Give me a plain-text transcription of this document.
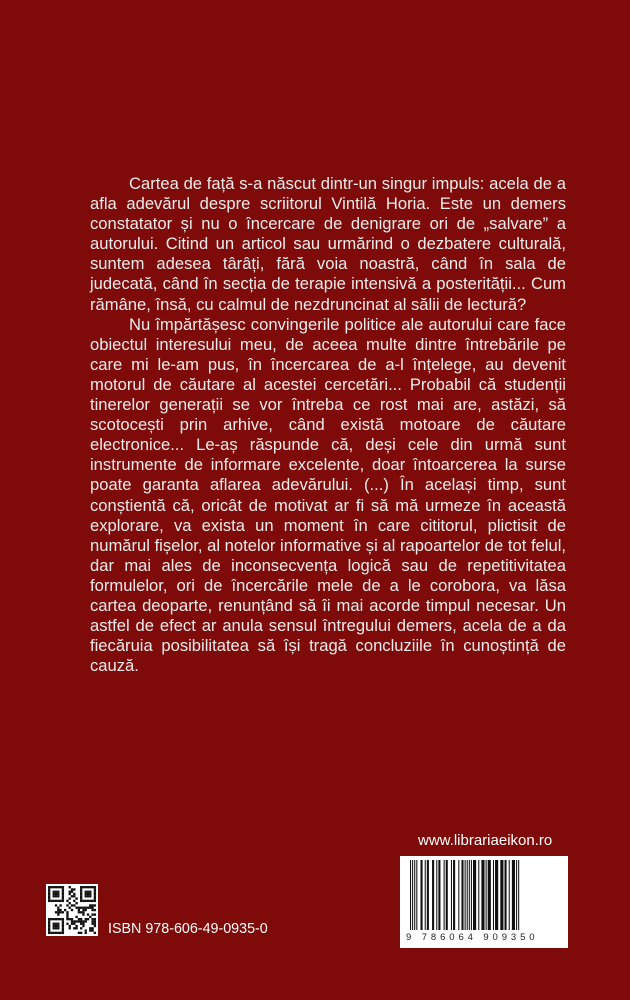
Cartea de față s-a născut dintr-un singur impuls: acela de a afla adevărul despre scriitorul Vintilă Horia. Este un demers constatator și nu o încercare de denigrare ori de „salvare” a autorului. Citind un articol sau urmărind o dezbatere culturală, suntem adesea târâți, fără voia noastră, când în sala de judecată, când în secția de terapie intensivă a posterității... Cum rămâne, însă, cu calmul de nezdruncinat al sălii de lectură?

Nu împărtășesc convingerile politice ale autorului care face obiectul interesului meu, de aceea multe dintre întrebările pe care mi le-am pus, în încercarea de a-l înțelege, au devenit motorul de căutare al acestei cercetări... Probabil că studenții tinerelor generații se vor întreba ce rost mai are, astăzi, să scotocești prin arhive, când există motoare de căutare electronice... Le-aș răspunde că, deși cele din urmă sunt instrumente de informare excelente, doar întoarcerea la surse poate garanta aflarea adevărului. (...) În același timp, sunt conștientă că, oricât de motivat ar fi să mă urmeze în această explorare, va exista un moment în care cititorul, plictisit de numărul fișelor, al notelor informative și al rapoartelor de tot felul, dar mai ales de inconsecvența logică sau de repetitivitatea formulelor, ori de încercările mele de a le corobora, va lăsa cartea deoparte, renunțând să îi mai acorde timpul necesar. Un astfel de efect ar anula sensul întregului demers, acela de a da fiecăruia posibilitatea să își tragă concluziile în cunoștință de cauză.

www.librariaeikon.ro
9 786064 909350
ISBN 978-606-49-0935-0
